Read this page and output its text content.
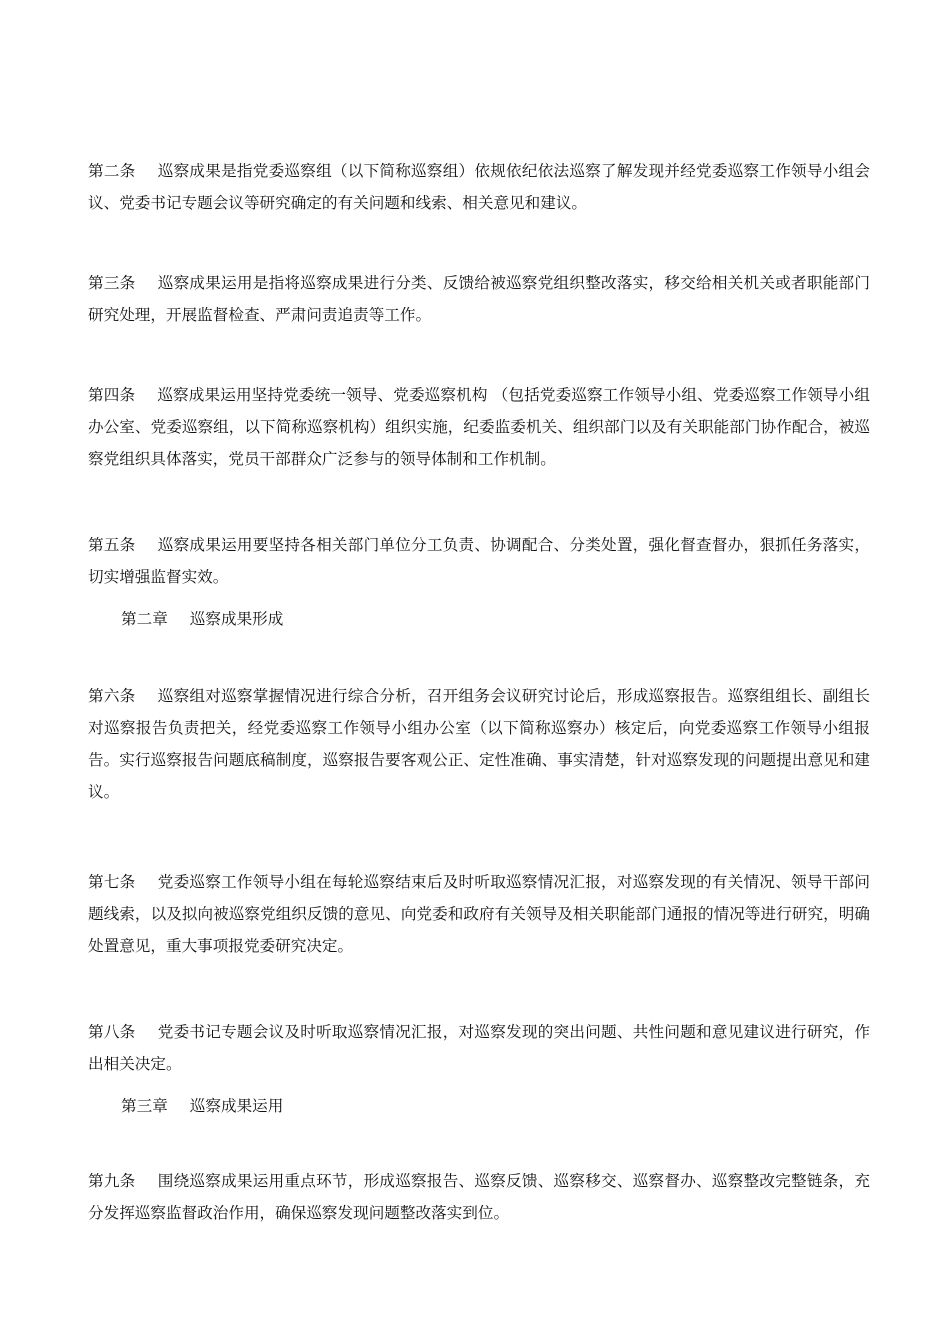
第二条 巡察成果是指党委巡察组（以下简称巡察组）依规依纪依法巡察了解发现并经党委巡察工作领导小组会议、党委书记专题会议等研究确定的有关问题和线索、相关意见和建议。

第三条 巡察成果运用是指将巡察成果进行分类、反馈给被巡察党组织整改落实，移交给相关机关或者职能部门研究处理，开展监督检查、严肃问责追责等工作。

第四条 巡察成果运用坚持党委统一领导、党委巡察机构 （包括党委巡察工作领导小组、党委巡察工作领导小组办公室、党委巡察组，以下简称巡察机构）组织实施，纪委监委机关、组织部门以及有关职能部门协作配合，被巡察党组织具体落实，党员干部群众广泛参与的领导体制和工作机制。

第五条 巡察成果运用要坚持各相关部门单位分工负责、协调配合、分类处置，强化督查督办，狠抓任务落实，切实增强监督实效。

第二章 巡察成果形成

第六条 巡察组对巡察掌握情况进行综合分析，召开组务会议研究讨论后，形成巡察报告。巡察组组长、副组长对巡察报告负责把关，经党委巡察工作领导小组办公室（以下简称巡察办）核定后，向党委巡察工作领导小组报告。实行巡察报告问题底稿制度，巡察报告要客观公正、定性准确、事实清楚，针对巡察发现的问题提出意见和建议。

第七条 党委巡察工作领导小组在每轮巡察结束后及时听取巡察情况汇报，对巡察发现的有关情况、领导干部问题线索，以及拟向被巡察党组织反馈的意见、向党委和政府有关领导及相关职能部门通报的情况等进行研究，明确处置意见，重大事项报党委研究决定。

第八条 党委书记专题会议及时听取巡察情况汇报，对巡察发现的突出问题、共性问题和意见建议进行研究，作出相关决定。

第三章 巡察成果运用

第九条 围绕巡察成果运用重点环节，形成巡察报告、巡察反馈、巡察移交、巡察督办、巡察整改完整链条，充分发挥巡察监督政治作用，确保巡察发现问题整改落实到位。
